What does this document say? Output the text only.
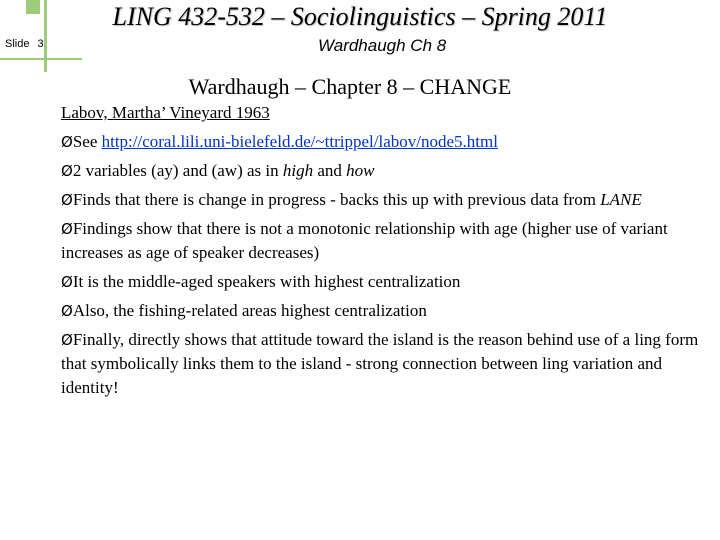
Slide 3
LING 432-532 – Sociolinguistics – Spring 2011
Wardhaugh Ch 8
Wardhaugh – Chapter 8 – CHANGE
Labov, Martha’ Vineyard 1963
ØSee http://coral.lili.uni-bielefeld.de/~ttrippel/labov/node5.html
Ø2 variables (ay) and (aw) as in high and how
ØFinds that there is change in progress - backs this up with previous data from LANE
ØFindings show that there is not a monotonic relationship with age (higher use of variant increases as age of speaker decreases)
ØIt is the middle-aged speakers with highest centralization
ØAlso, the fishing-related areas highest centralization
ØFinally, directly shows that attitude toward the island is the reason behind use of a ling form that symbolically links them to the island - strong connection between ling variation and identity!
